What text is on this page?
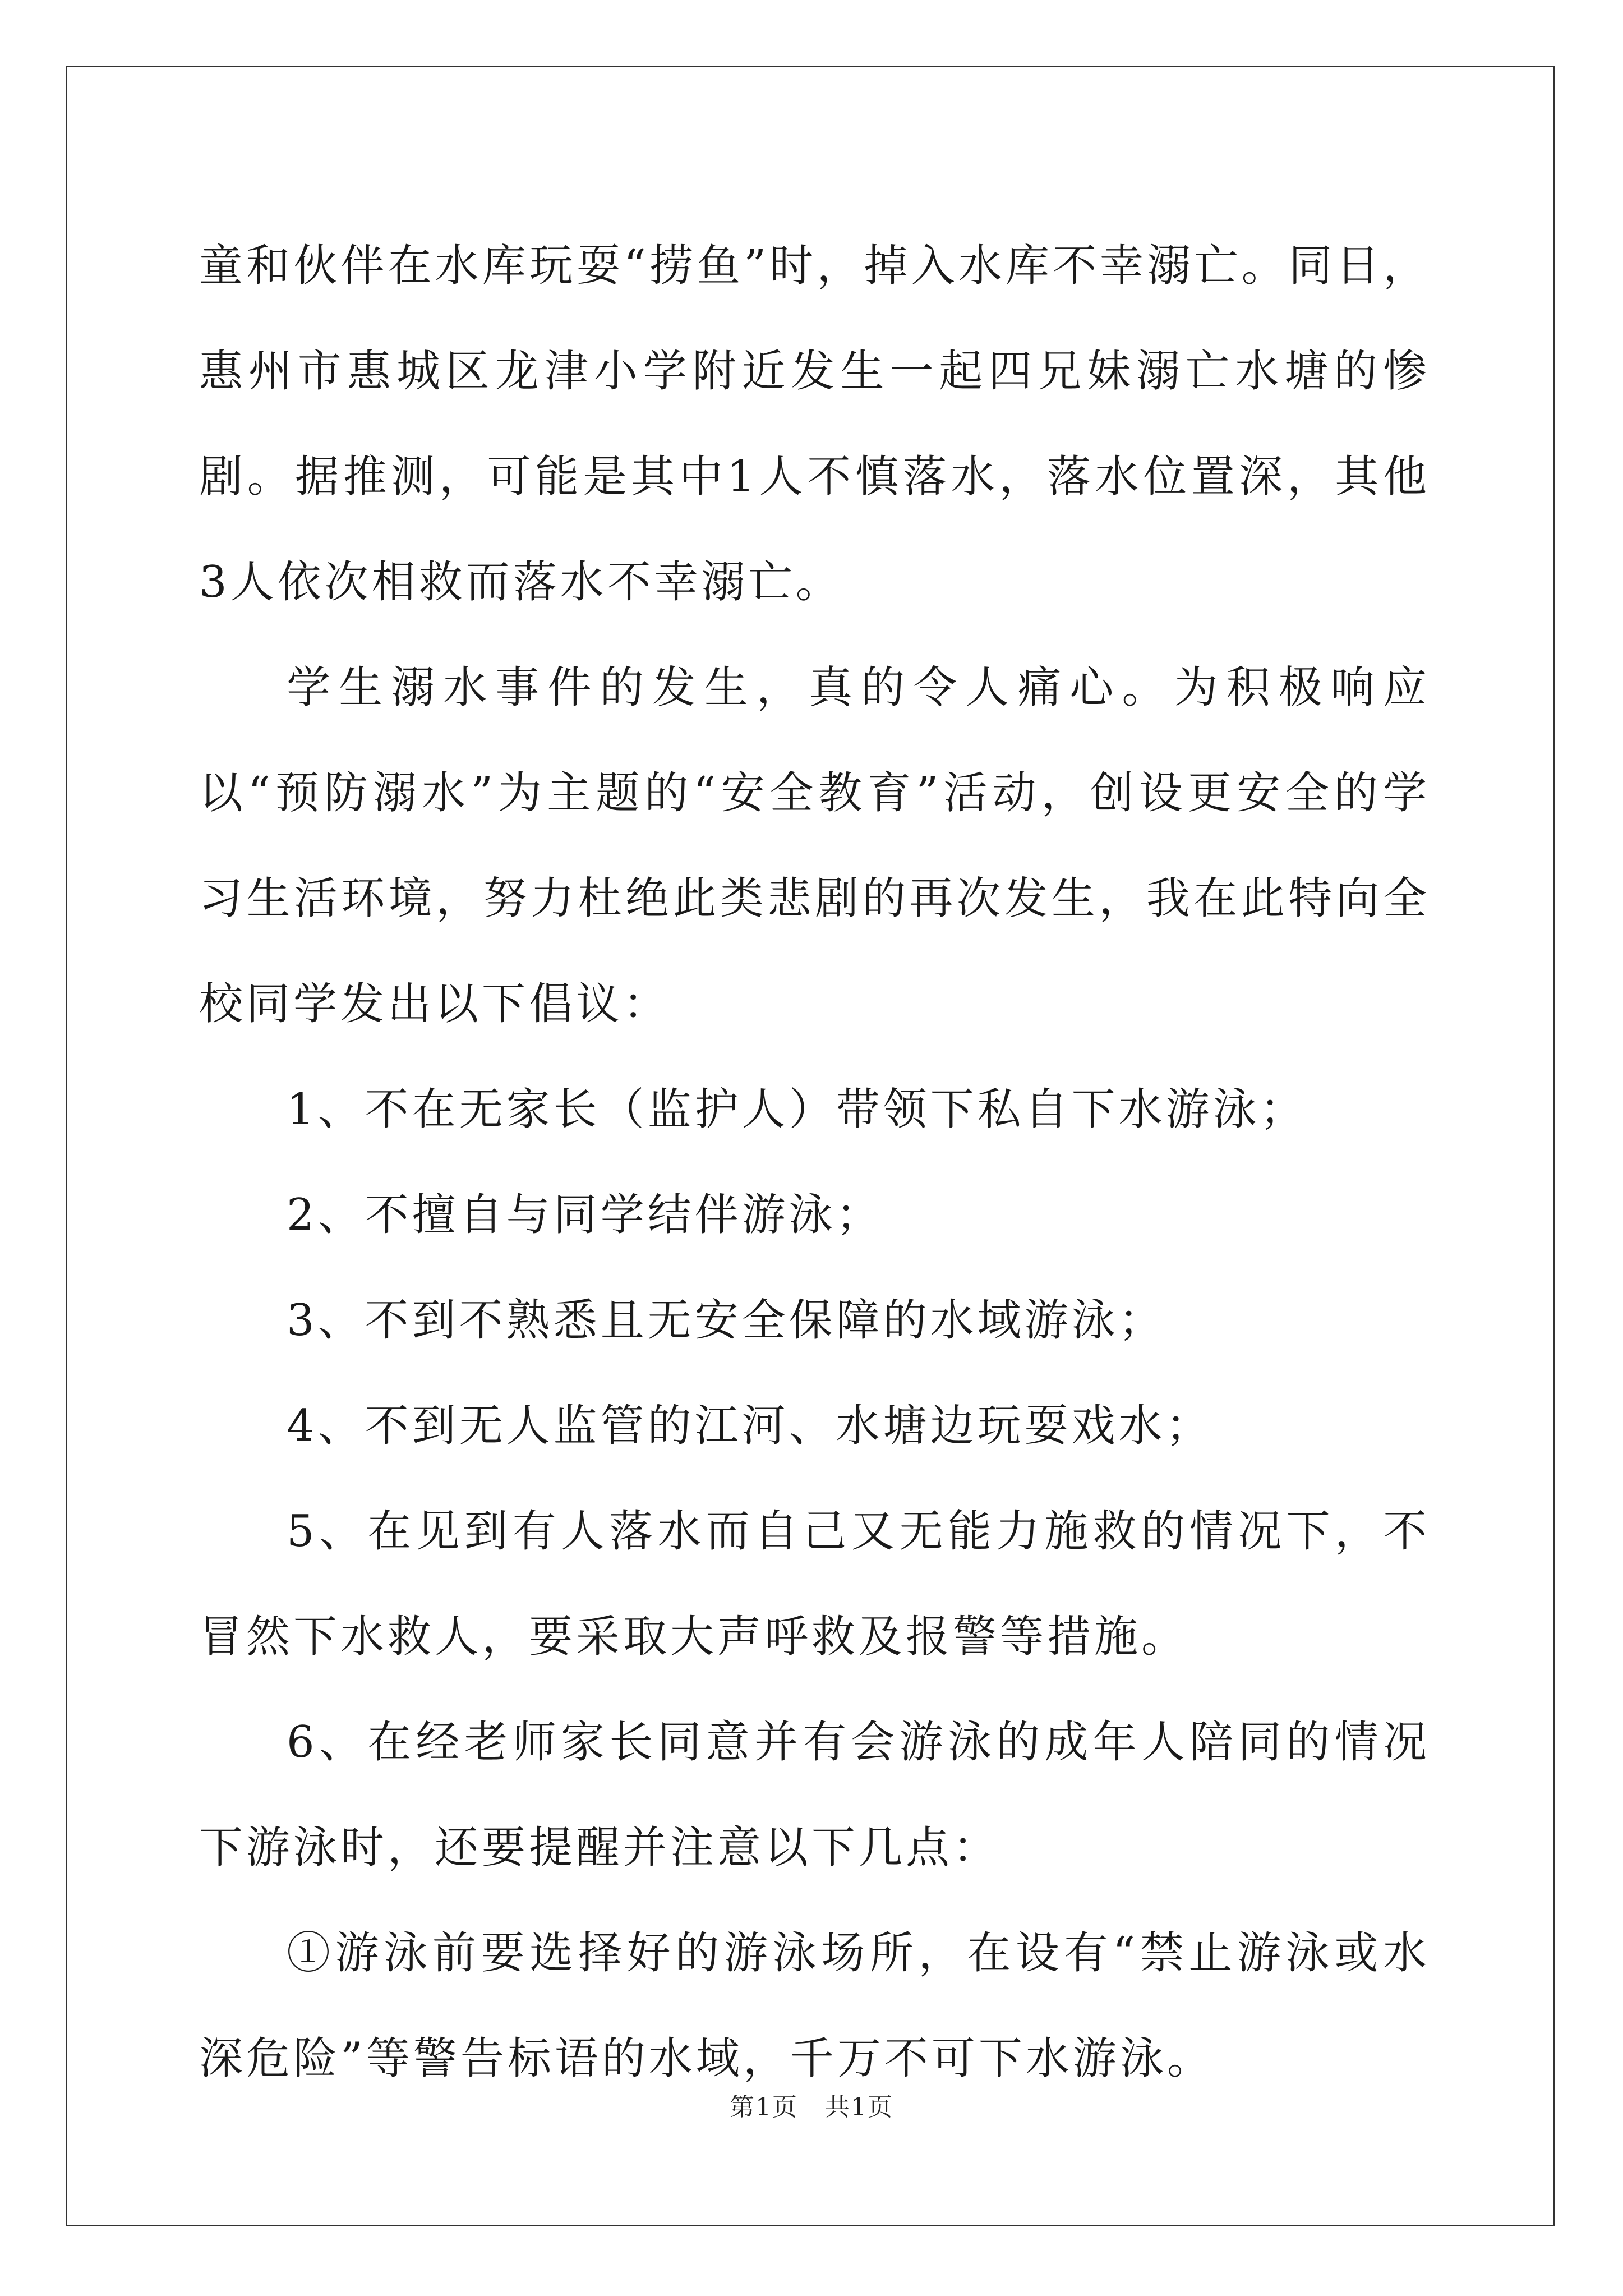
童和伙伴在水库玩耍“捞鱼”时，掉入水库不幸溺亡。同日，惠州市惠城区龙津小学附近发生一起四兄妹溺亡水塘的惨剧。据推测，可能是其中1人不慎落水，落水位置深，其他3人依次相救而落水不幸溺亡。

学生溺水事件的发生，真的令人痛心。为积极响应以“预防溺水”为主题的“安全教育”活动，创设更安全的学习生活环境，努力杜绝此类悲剧的再次发生，我在此特向全校同学发出以下倡议：

1、不在无家长（监护人）带领下私自下水游泳；

2、不擅自与同学结伴游泳；

3、不到不熟悉且无安全保障的水域游泳；

4、不到无人监管的江河、水塘边玩耍戏水；

5、在见到有人落水而自己又无能力施救的情况下，不冒然下水救人，要采取大声呼救及报警等措施。

6、在经老师家长同意并有会游泳的成年人陪同的情况下游泳时，还要提醒并注意以下几点：

①游泳前要选择好的游泳场所，在设有“禁止游泳或水深危险”等警告标语的水域，千万不可下水游泳。

第1页 共1页
